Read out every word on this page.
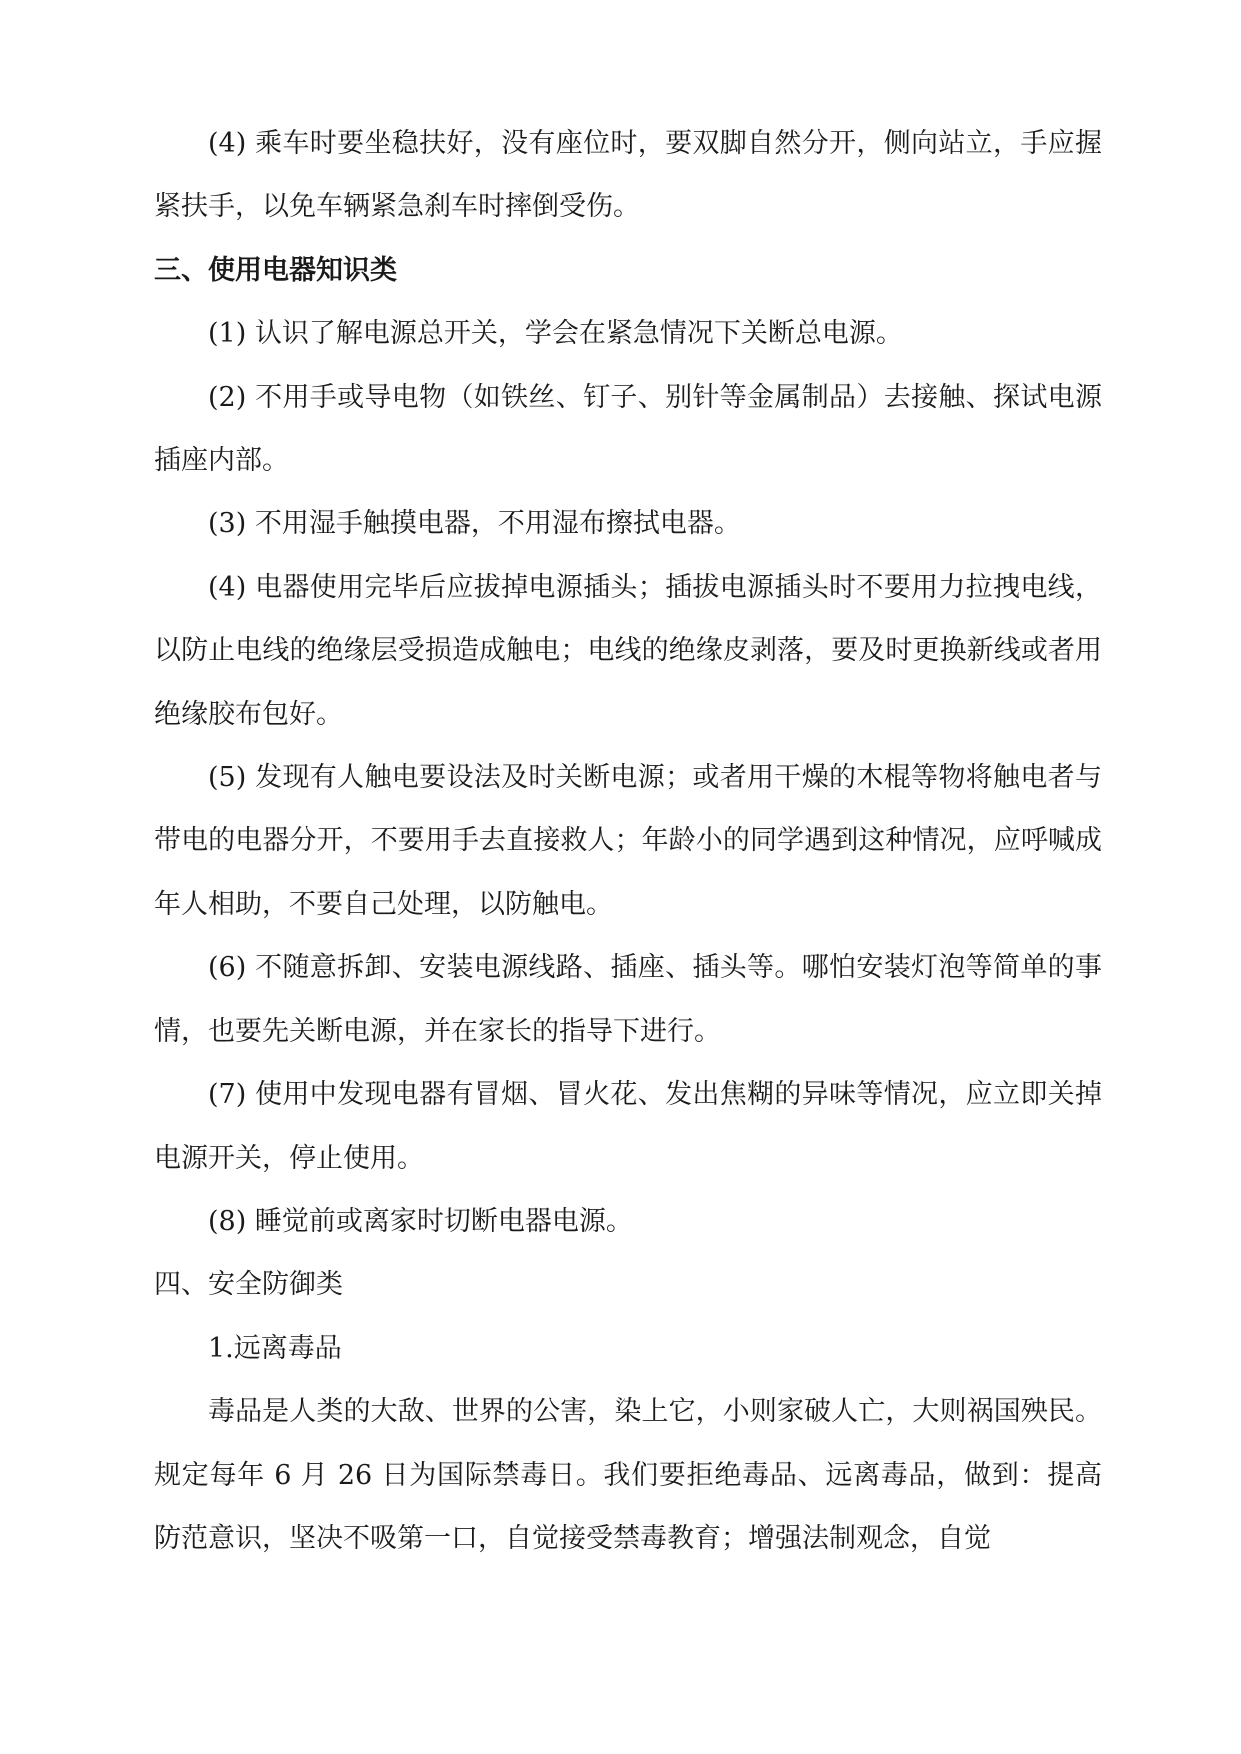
(4) 乘车时要坐稳扶好，没有座位时，要双脚自然分开，侧向站立，手应握紧扶手，以免车辆紧急刹车时摔倒受伤。

三、使用电器知识类

(1) 认识了解电源总开关，学会在紧急情况下关断总电源。

(2) 不用手或导电物（如铁丝、钉子、别针等金属制品）去接触、探试电源插座内部。

(3) 不用湿手触摸电器，不用湿布擦拭电器。

(4) 电器使用完毕后应拔掉电源插头；插拔电源插头时不要用力拉拽电线，以防止电线的绝缘层受损造成触电；电线的绝缘皮剥落，要及时更换新线或者用绝缘胶布包好。

(5) 发现有人触电要设法及时关断电源；或者用干燥的木棍等物将触电者与带电的电器分开，不要用手去直接救人；年龄小的同学遇到这种情况，应呼喊成年人相助，不要自己处理，以防触电。

(6) 不随意拆卸、安装电源线路、插座、插头等。哪怕安装灯泡等简单的事情，也要先关断电源，并在家长的指导下进行。

(7) 使用中发现电器有冒烟、冒火花、发出焦糊的异味等情况，应立即关掉电源开关，停止使用。

(8) 睡觉前或离家时切断电器电源。

四、安全防御类

1.远离毒品

毒品是人类的大敌、世界的公害，染上它，小则家破人亡，大则祸国殃民。规定每年 6 月 26 日为国际禁毒日。我们要拒绝毒品、远离毒品，做到：提高防范意识，坚决不吸第一口，自觉接受禁毒教育；增强法制观念，自觉
